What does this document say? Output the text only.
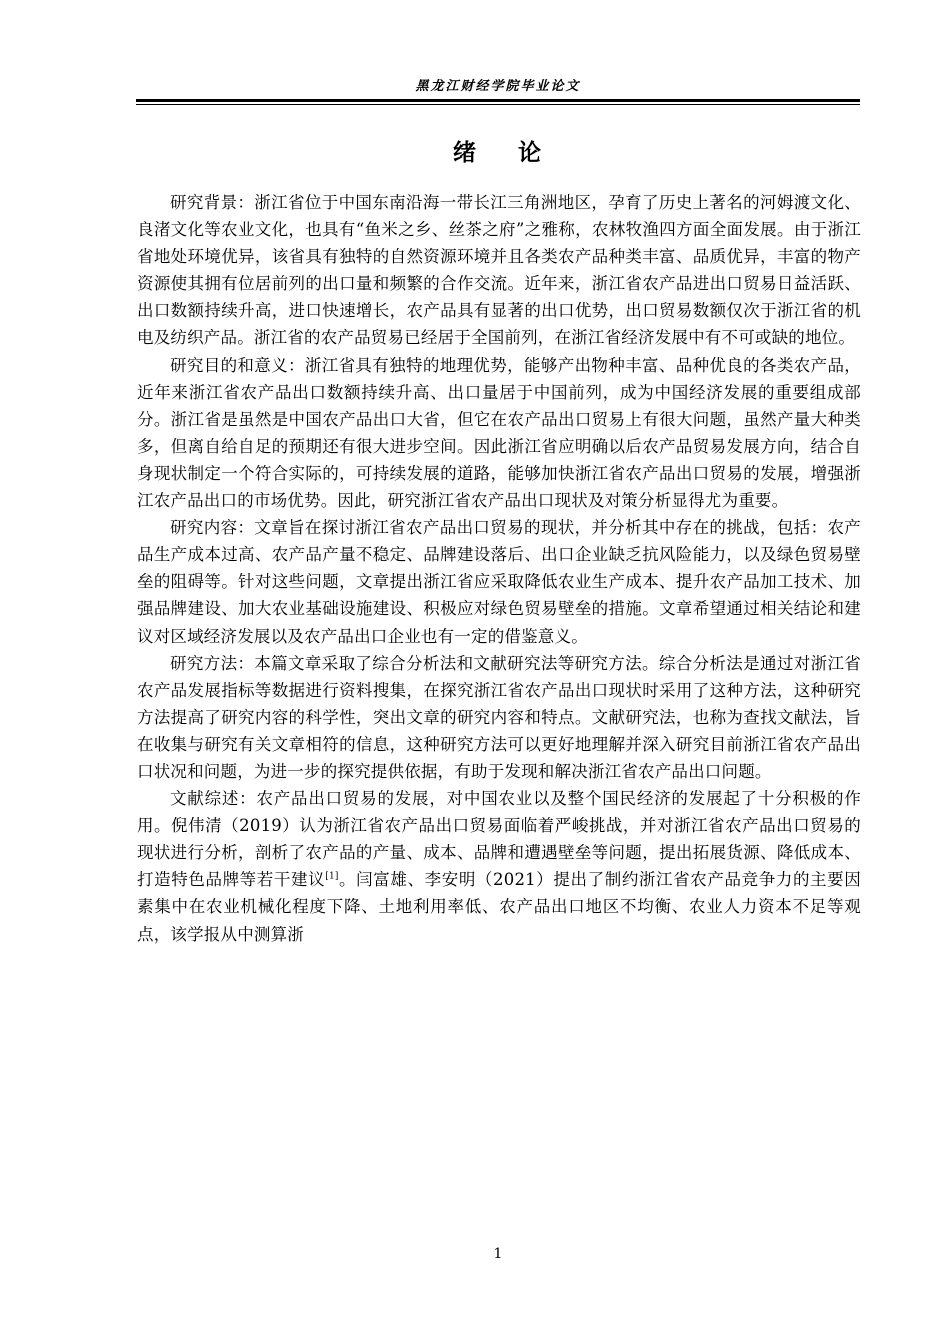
黑龙江财经学院毕业论文
绪    论

研究背景：浙江省位于中国东南沿海一带长江三角洲地区，孕育了历史上著名的河姆渡文化、良渚文化等农业文化，也具有“鱼米之乡、丝茶之府”之雅称，农林牧渔四方面全面发展。由于浙江省地处环境优异，该省具有独特的自然资源环境并且各类农产品种类丰富、品质优异，丰富的物产资源使其拥有位居前列的出口量和频繁的合作交流。近年来，浙江省农产品进出口贸易日益活跃、出口数额持续升高，进口快速增长，农产品具有显著的出口优势，出口贸易数额仅次于浙江省的机电及纺织产品。浙江省的农产品贸易已经居于全国前列，在浙江省经济发展中有不可或缺的地位。

研究目的和意义：浙江省具有独特的地理优势，能够产出物种丰富、品种优良的各类农产品，近年来浙江省农产品出口数额持续升高、出口量居于中国前列，成为中国经济发展的重要组成部分。浙江省是虽然是中国农产品出口大省，但它在农产品出口贸易上有很大问题，虽然产量大种类多，但离自给自足的预期还有很大进步空间。因此浙江省应明确以后农产品贸易发展方向，结合自身现状制定一个符合实际的，可持续发展的道路，能够加快浙江省农产品出口贸易的发展，增强浙江农产品出口的市场优势。因此，研究浙江省农产品出口现状及对策分析显得尤为重要。

研究内容：文章旨在探讨浙江省农产品出口贸易的现状，并分析其中存在的挑战，包括：农产品生产成本过高、农产品产量不稳定、品牌建设落后、出口企业缺乏抗风险能力，以及绿色贸易壁垒的阻碍等。针对这些问题，文章提出浙江省应采取降低农业生产成本、提升农产品加工技术、加强品牌建设、加大农业基础设施建设、积极应对绿色贸易壁垒的措施。文章希望通过相关结论和建议对区域经济发展以及农产品出口企业也有一定的借鉴意义。

研究方法：本篇文章采取了综合分析法和文献研究法等研究方法。综合分析法是通过对浙江省农产品发展指标等数据进行资料搜集，在探究浙江省农产品出口现状时采用了这种方法，这种研究方法提高了研究内容的科学性，突出文章的研究内容和特点。文献研究法，也称为查找文献法，旨在收集与研究有关文章相符的信息，这种研究方法可以更好地理解并深入研究目前浙江省农产品出口状况和问题，为进一步的探究提供依据，有助于发现和解决浙江省农产品出口问题。

文献综述：农产品出口贸易的发展，对中国农业以及整个国民经济的发展起了十分积极的作用。倪伟清（2019）认为浙江省农产品出口贸易面临着严峻挑战，并对浙江省农产品出口贸易的现状进行分析，剖析了农产品的产量、成本、品牌和遭遇壁垒等问题，提出拓展货源、降低成本、打造特色品牌等若干建议[1]。闫富雄、李安明（2021）提出了制约浙江省农产品竞争力的主要因素集中在农业机械化程度下降、土地利用率低、农产品出口地区不均衡、农业人力资本不足等观点，该学报从中测算浙

1
